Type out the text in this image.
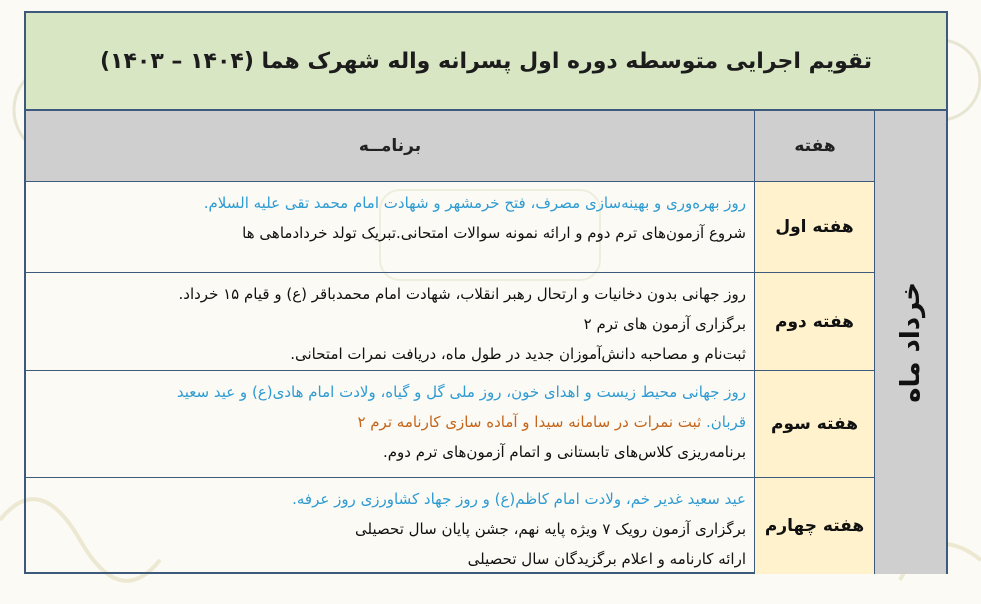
تقویم اجرایی متوسطه دوره اول پسرانه واله شهرک هما (۱۴۰۴ – ۱۴۰۳)
برنامــه	هفته
خرداد ماه
روز بهره‌وری و بهینه‌سازی مصرف، فتح خرمشهر و شهادت امام محمد تقی علیه السلام.
شروع آزمون‌های ترم دوم و ارائه نمونه سوالات امتحانی.تبریک تولد خردادماهی ها	هفته اول
روز جهانی بدون دخانیات و ارتحال رهبر انقلاب، شهادت امام محمدباقر (ع) و قیام ۱۵ خرداد.
برگزاری آزمون های ترم ۲
ثبت‌نام و مصاحبه دانش‌آموزان جدید در طول ماه، دریافت نمرات امتحانی.
هفته دوم
روز جهانی محیط زیست و اهدای خون، روز ملی گل و گیاه، ولادت امام هادی(ع) و عید سعید
قربان. ثبت نمرات در سامانه سیدا و آماده سازی کارنامه ترم ۲
برنامه‌ریزی کلاس‌های تابستانی و اتمام آزمون‌های ترم دوم.
هفته سوم
عید سعید غدیر خم، ولادت امام کاظم(ع) و روز جهاد کشاورزی روز عرفه.
برگزاری آزمون رویک ۷ ویژه پایه نهم، جشن پایان سال تحصیلی
ارائه کارنامه و اعلام برگزیدگان سال تحصیلی
هفته چهارم
